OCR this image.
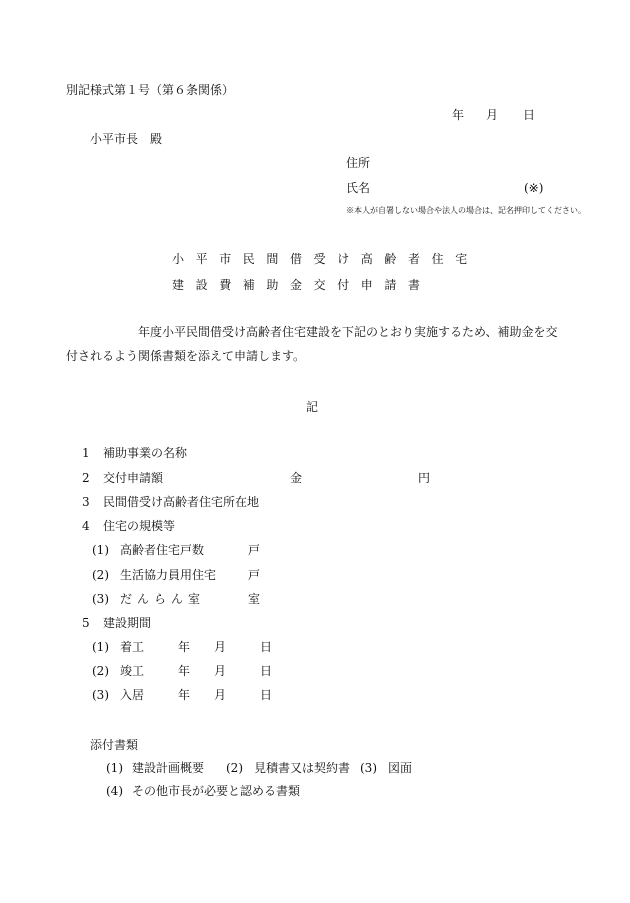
別記様式第１号（第６条関係）
年 月 日
小平市長　殿
住所
氏名	(※)
※本人が自署しない場合や法人の場合は、記名押印してください。
小平市民間借受け高齢者住宅
建設費補助金交付申請書
年度小平民間借受け高齢者住宅建設を下記のとおり実施するため、補助金を交
付されるよう関係書類を添えて申請します。
記
1 補助事業の名称
2 交付申請額	金	円
3 民間借受け高齢者住宅所在地
4 住宅の規模等
(1) 高齢者住宅戸数	戸
(2) 生活協力員用住宅	戸
(3) だんらん室	室
5 建設期間
(1) 着工	年 月	日
(2) 竣工	年 月	日
(3) 入居	年 月	日
添付書類
(1) 建設計画概要 (2) 見積書又は契約書 (3) 図面
(4) その他市長が必要と認める書類
